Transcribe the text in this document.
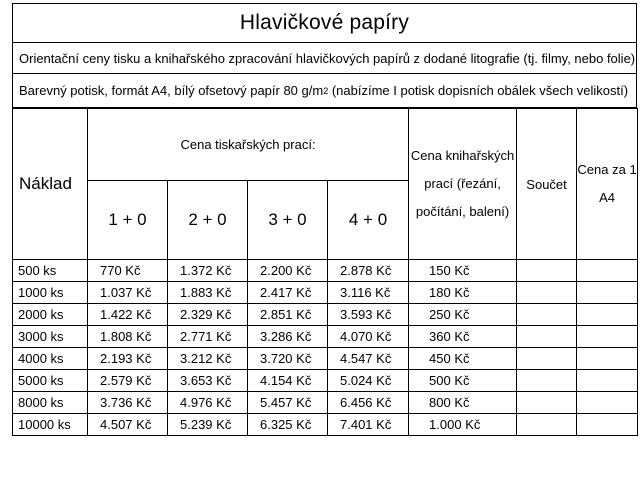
Hlavičkové papíry
Orientační ceny tisku a knihařského zpracování hlavičkových papírů z dodané litografie (tj. filmy, nebo folie)
Barevný potisk, formát A4, bílý ofsetový papír 80 g/m 2 (nabízíme I potisk dopisních obálek všech velikostí)
Náklad	Cena tiskařských prací:				Cena knihařských prací (řezání, počítání, balení)	Součet	Cena za 1 A4
	1 + 0	2 + 0	3 + 0	4 + 0			
500 ks	770 Kč	1.372 Kč	2.200 Kč	2.878 Kč	150 Kč		
1000 ks	1.037 Kč	1.883 Kč	2.417 Kč	3.116 Kč	180 Kč		
2000 ks	1.422 Kč	2.329 Kč	2.851 Kč	3.593 Kč	250 Kč		
3000 ks	1.808 Kč	2.771 Kč	3.286 Kč	4.070 Kč	360 Kč		
4000 ks	2.193 Kč	3.212 Kč	3.720 Kč	4.547 Kč	450 Kč		
5000 ks	2.579 Kč	3.653 Kč	4.154 Kč	5.024 Kč	500 Kč		
8000 ks	3.736 Kč	4.976 Kč	5.457 Kč	6.456 Kč	800 Kč		
10000 ks	4.507 Kč	5.239 Kč	6.325 Kč	7.401 Kč	1.000 Kč		
